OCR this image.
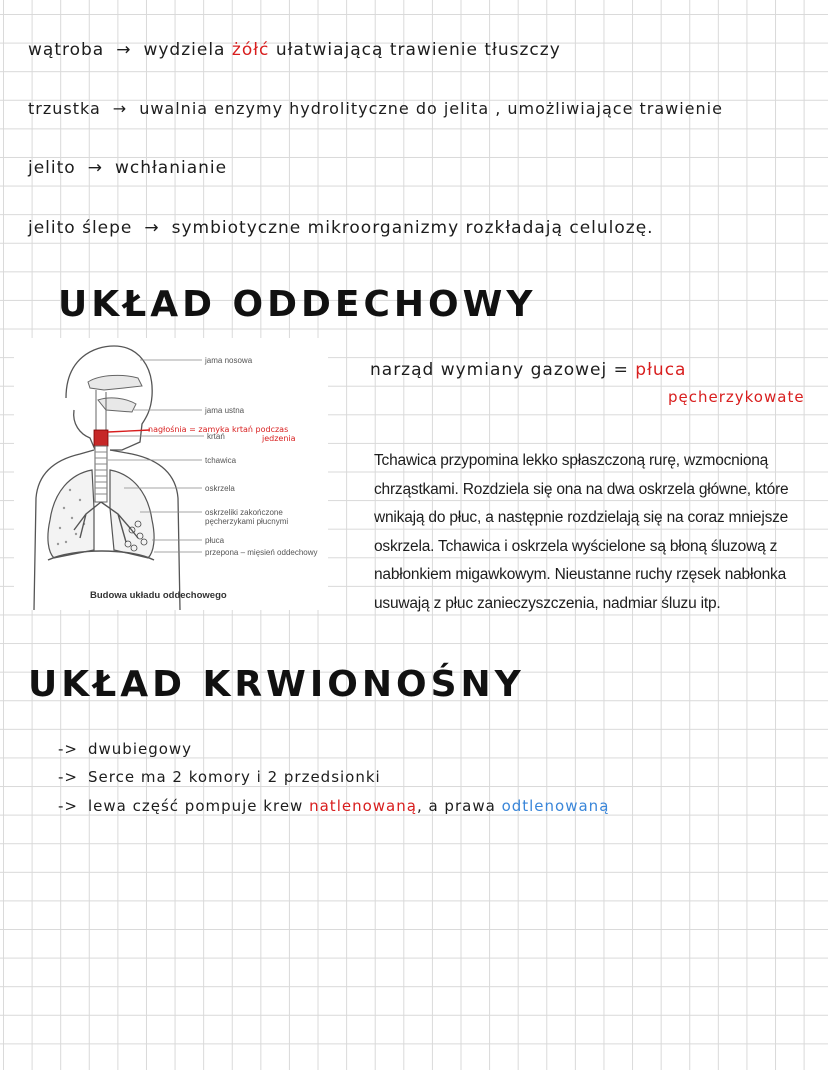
wątroba → wydziela żółć ułatwiającą trawienie tłuszczy
trzustka → uwalnia enzymy hydrolityczne do jelita , umożliwiające trawienie
jelito → wchłanianie
jelito ślepe → symbiotyczne mikroorganizmy rozkładają celulozę.
UKŁAD ODDECHOWY
jama nosowa
jama ustna
krtań
tchawica
oskrzela
oskrzeliki zakończone
pęcherzykami płucnymi
płuca
przepona – mięsień oddechowy
nagłośnia = zamyka krtań podczas
jedzenia
Budowa układu oddechowego
narząd wymiany gazowej = płuca
pęcherzykowate
Tchawica przypomina lekko spłaszczoną rurę, wzmocnioną chrząstkami. Rozdziela się ona na dwa oskrzela główne, które wnikają do płuc, a następnie rozdzielają się na coraz mniejsze oskrzela. Tchawica i oskrzela wyścielone są błoną śluzową z nabłonkiem migawkowym. Nieustanne ruchy rzęsek nabłonka usuwają z płuc zanieczyszczenia, nadmiar śluzu itp.
UKŁAD KRWIONOŚNY
-> dwubiegowy
-> Serce ma 2 komory i 2 przedsionki
-> lewa część pompuje krew natlenowaną, a prawa odtlenowaną
